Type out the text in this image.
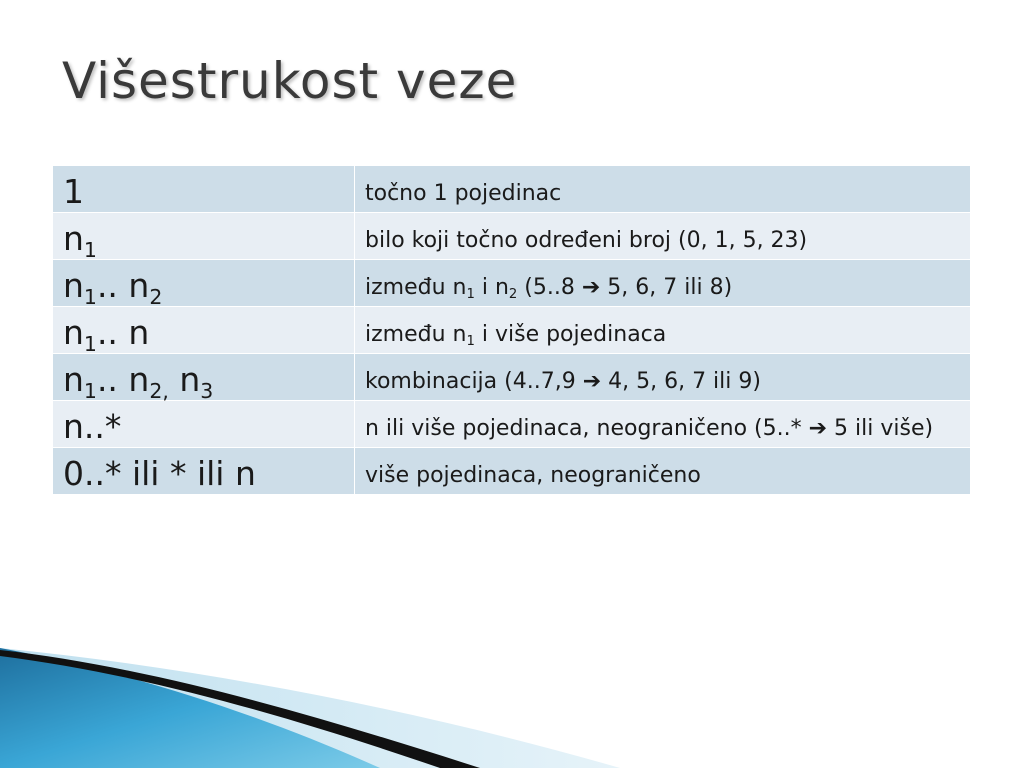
Višestrukost veze
1	točno 1 pojedinac
$n_1$	bilo koji točno određeni broj (0, 1, 5, 23)
$n_1$.. $n_2$	između $n_1$ i $n_2$ (5..8 ➔ 5, 6, 7 ili 8)
$n_1$.. n	između $n_1$ i više pojedinaca
$n_1$.. $n_{2,}$ $n_3$	kombinacija (4..7,9 ➔ 4, 5, 6, 7 ili 9)
n..*	n ili više pojedinaca, neograničeno (5..* ➔ 5 ili više)
0..* ili * ili n	više pojedinaca, neograničeno
